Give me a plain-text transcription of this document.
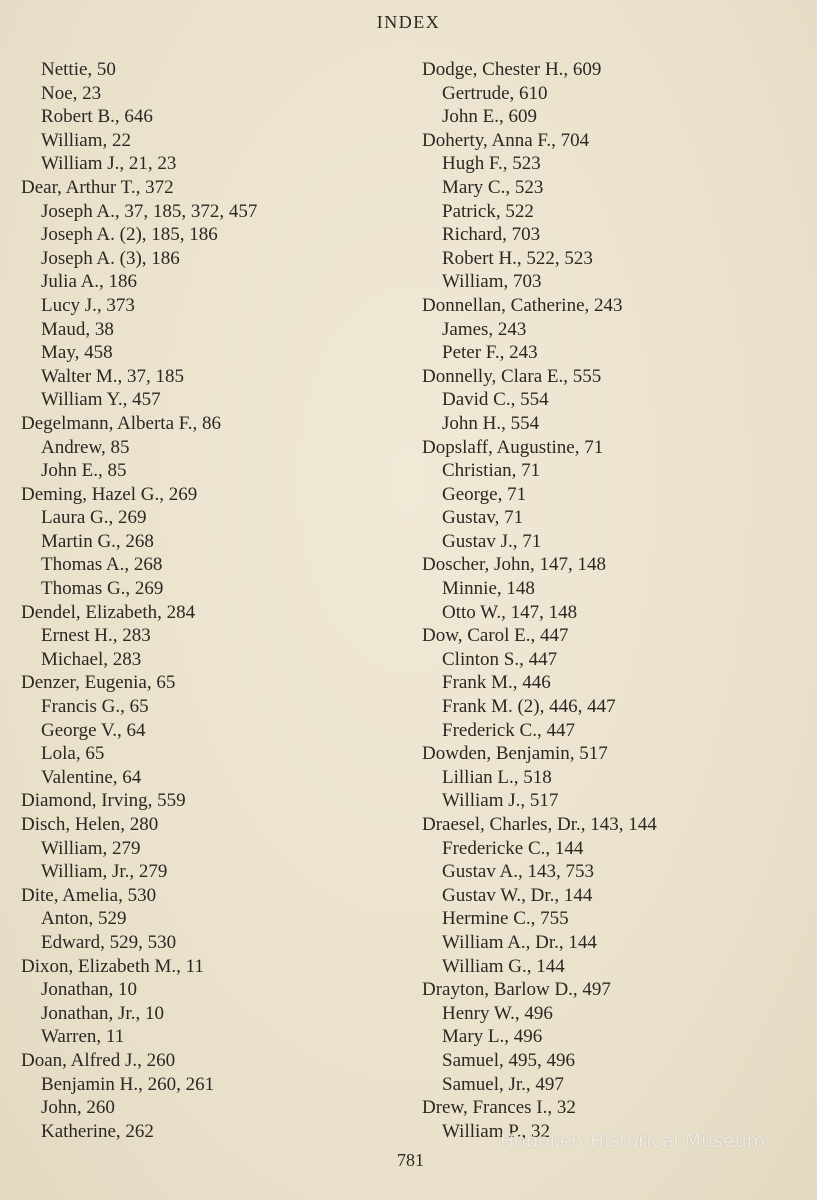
INDEX
Nettie, 50
Noe, 23
Robert B., 646
William, 22
William J., 21, 23
Dear, Arthur T., 372
Joseph A., 37, 185, 372, 457
Joseph A. (2), 185, 186
Joseph A. (3), 186
Julia A., 186
Lucy J., 373
Maud, 38
May, 458
Walter M., 37, 185
William Y., 457
Degelmann, Alberta F., 86
Andrew, 85
John E., 85
Deming, Hazel G., 269
Laura G., 269
Martin G., 268
Thomas A., 268
Thomas G., 269
Dendel, Elizabeth, 284
Ernest H., 283
Michael, 283
Denzer, Eugenia, 65
Francis G., 65
George V., 64
Lola, 65
Valentine, 64
Diamond, Irving, 559
Disch, Helen, 280
William, 279
William, Jr., 279
Dite, Amelia, 530
Anton, 529
Edward, 529, 530
Dixon, Elizabeth M., 11
Jonathan, 10
Jonathan, Jr., 10
Warren, 11
Doan, Alfred J., 260
Benjamin H., 260, 261
John, 260
Katherine, 262
Dodge, Chester H., 609
Gertrude, 610
John E., 609
Doherty, Anna F., 704
Hugh F., 523
Mary C., 523
Patrick, 522
Richard, 703
Robert H., 522, 523
William, 703
Donnellan, Catherine, 243
James, 243
Peter F., 243
Donnelly, Clara E., 555
David C., 554
John H., 554
Dopslaff, Augustine, 71
Christian, 71
George, 71
Gustav, 71
Gustav J., 71
Doscher, John, 147, 148
Minnie, 148
Otto W., 147, 148
Dow, Carol E., 447
Clinton S., 447
Frank M., 446
Frank M. (2), 446, 447
Frederick C., 447
Dowden, Benjamin, 517
Lillian L., 518
William J., 517
Draesel, Charles, Dr., 143, 144
Fredericke C., 144
Gustav A., 143, 753
Gustav W., Dr., 144
Hermine C., 755
William A., Dr., 144
William G., 144
Drayton, Barlow D., 497
Henry W., 496
Mary L., 496
Samuel, 495, 496
Samuel, Jr., 497
Drew, Frances I., 32
William P., 32
781
Hoboken Historical Museum
